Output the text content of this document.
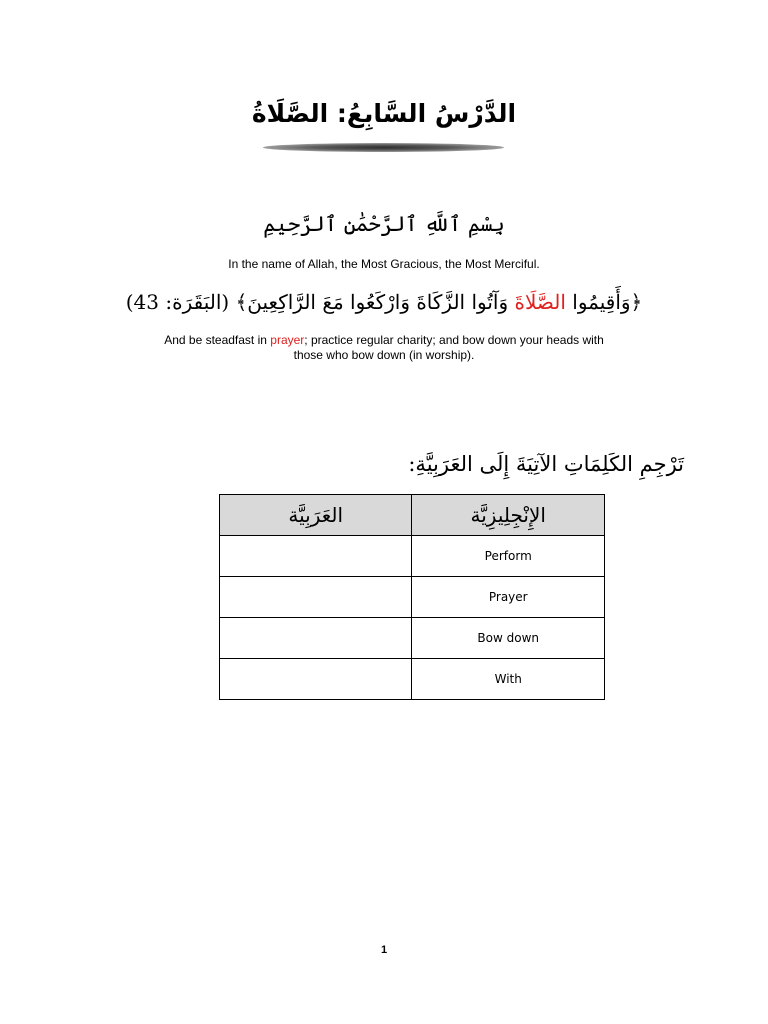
الدَّرْسُ السَّابِعُ: الصَّلَاةُ
بِسْمِ ٱللَّهِ ٱلرَّحْمَٰنِ ٱلرَّحِيمِ
In the name of Allah, the Most Gracious, the Most Merciful.
﴿وَأَقِيمُوا الصَّلَاةَ وَآتُوا الزَّكَاةَ وَارْكَعُوا مَعَ الرَّاكِعِينَ﴾ (البَقَرَة: 43)
And be steadfast in prayer; practice regular charity; and bow down your heads with those who bow down (in worship).
تَرْجِمِ الكَلِمَاتِ الآتِيَةَ إِلَى العَرَبِيَّةِ:
العَرَبِيَّة	الإِنْجِلِيزِيَّة
	Perform
	Prayer
	Bow down
	With
1
